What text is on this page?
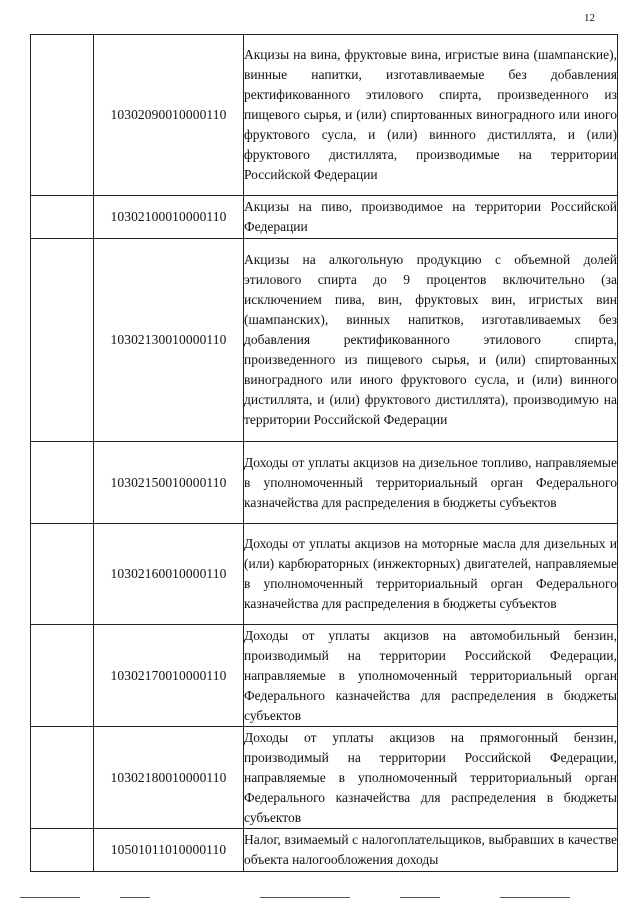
12
	10302090010000110	Акцизы на вина, фруктовые вина, игристые вина (шампанские), винные напитки, изготавливаемые без добавления ректификованного этилового спирта, произведенного из пищевого сырья, и (или) спиртованных виноградного или иного фруктового сусла, и (или) винного дистиллята, и (или) фруктового дистиллята, производимые на территории Российской Федерации
	10302100010000110	Акцизы на пиво, производимое на территории Российской Федерации
	10302130010000110	Акцизы на алкогольную продукцию с объемной долей этилового спирта до 9 процентов включительно (за исключением пива, вин, фруктовых вин, игристых вин (шампанских), винных напитков, изготавливаемых без добавления ректификованного этилового спирта, произведенного из пищевого сырья, и (или) спиртованных виноградного или иного фруктового сусла, и (или) винного дистиллята, и (или) фруктового дистиллята), производимую на территории Российской Федерации
	10302150010000110	Доходы от уплаты акцизов на дизельное топливо, направляемые в уполномоченный территориальный орган Федерального казначейства для распределения в бюджеты субъектов
	10302160010000110	Доходы от уплаты акцизов на моторные масла для дизельных и (или) карбюраторных (инжекторных) двигателей, направляемые в уполномоченный территориальный орган Федерального казначейства для распределения в бюджеты субъектов
	10302170010000110	Доходы от уплаты акцизов на автомобильный бензин, производимый на территории Российской Федерации, направляемые в уполномоченный территориальный орган Федерального казначейства для распределения в бюджеты субъектов
	10302180010000110	Доходы от уплаты акцизов на прямогонный бензин, производимый на территории Российской Федерации, направляемые в уполномоченный территориальный орган Федерального казначейства для распределения в бюджеты субъектов
	10501011010000110	Налог, взимаемый с налогоплательщиков, выбравших в качестве объекта налогообложения доходы
